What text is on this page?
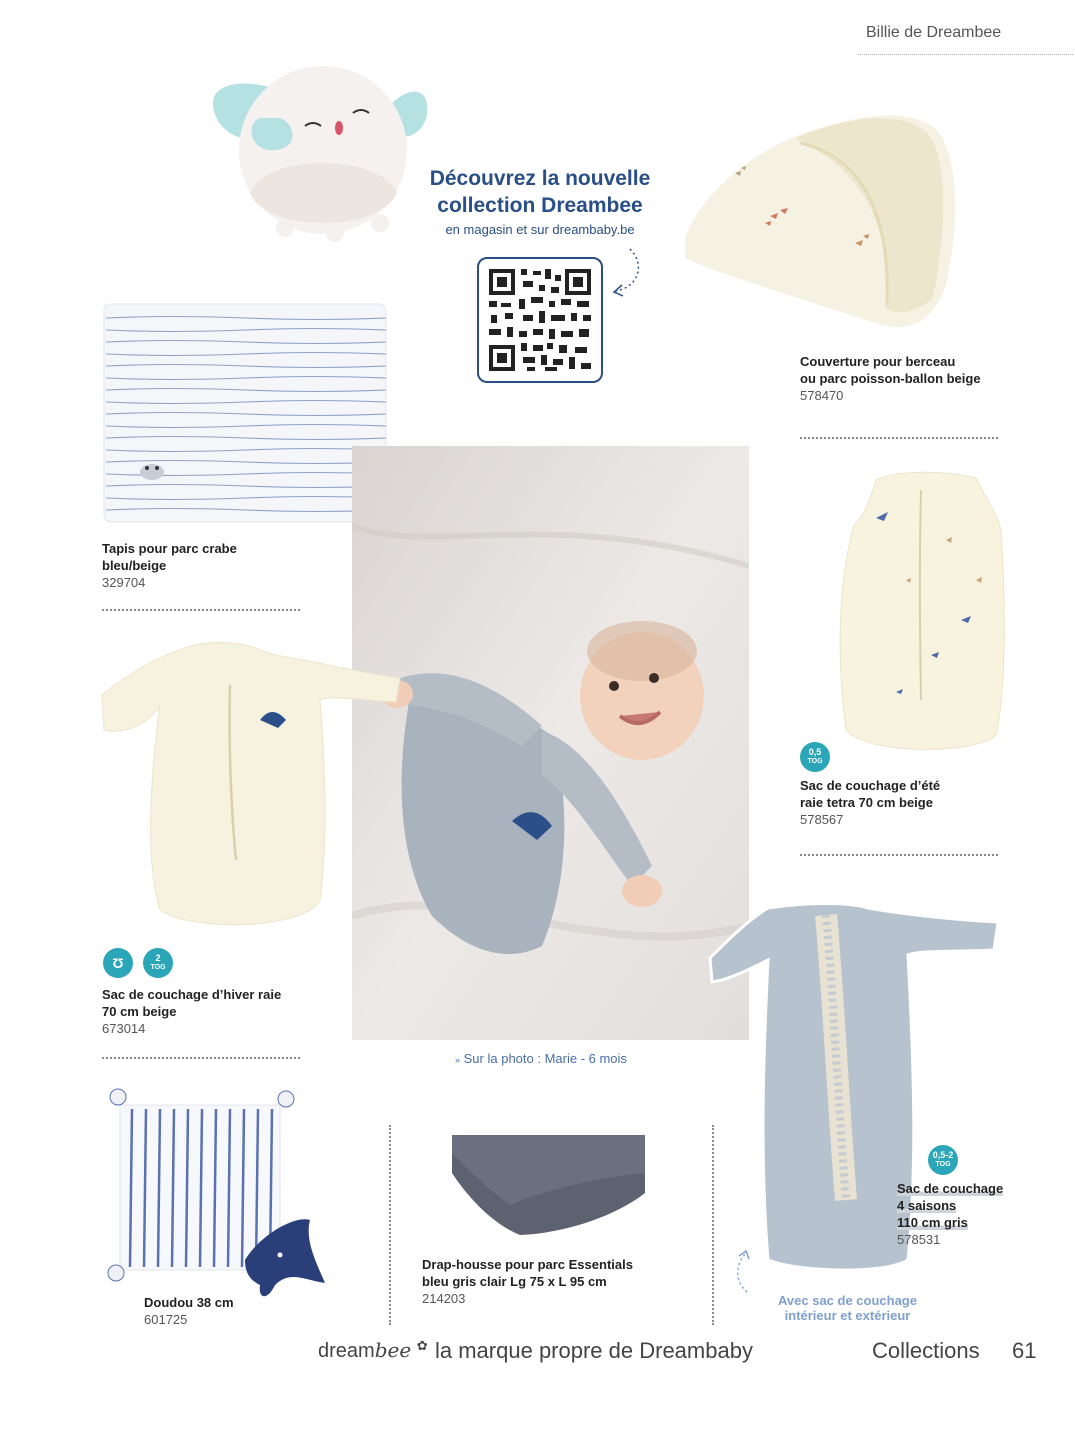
Billie de Dreambee
Découvrez la nouvelle
collection Dreambee
en magasin et sur dreambaby.be
Couverture pour berceau
ou parc poisson-ballon beige
578470
Tapis pour parc crabe
bleu/beige
329704
» Sur la photo : Marie - 6 mois
Ʊ	2
TOG
Sac de couchage d’hiver raie
70 cm beige
673014
0,5
TOG
Sac de couchage d’été
raie tetra 70 cm beige
578567
0,5-2
TOG
Sac de couchage
4 saisons
110 cm gris
578531
Avec sac de couchage
intérieur et extérieur
Doudou 38 cm
601725
Drap-housse pour parc Essentials
bleu gris clair Lg 75 x L 95 cm
214203
dreambee ✿ la marque propre de Dreambaby	Collections 61
